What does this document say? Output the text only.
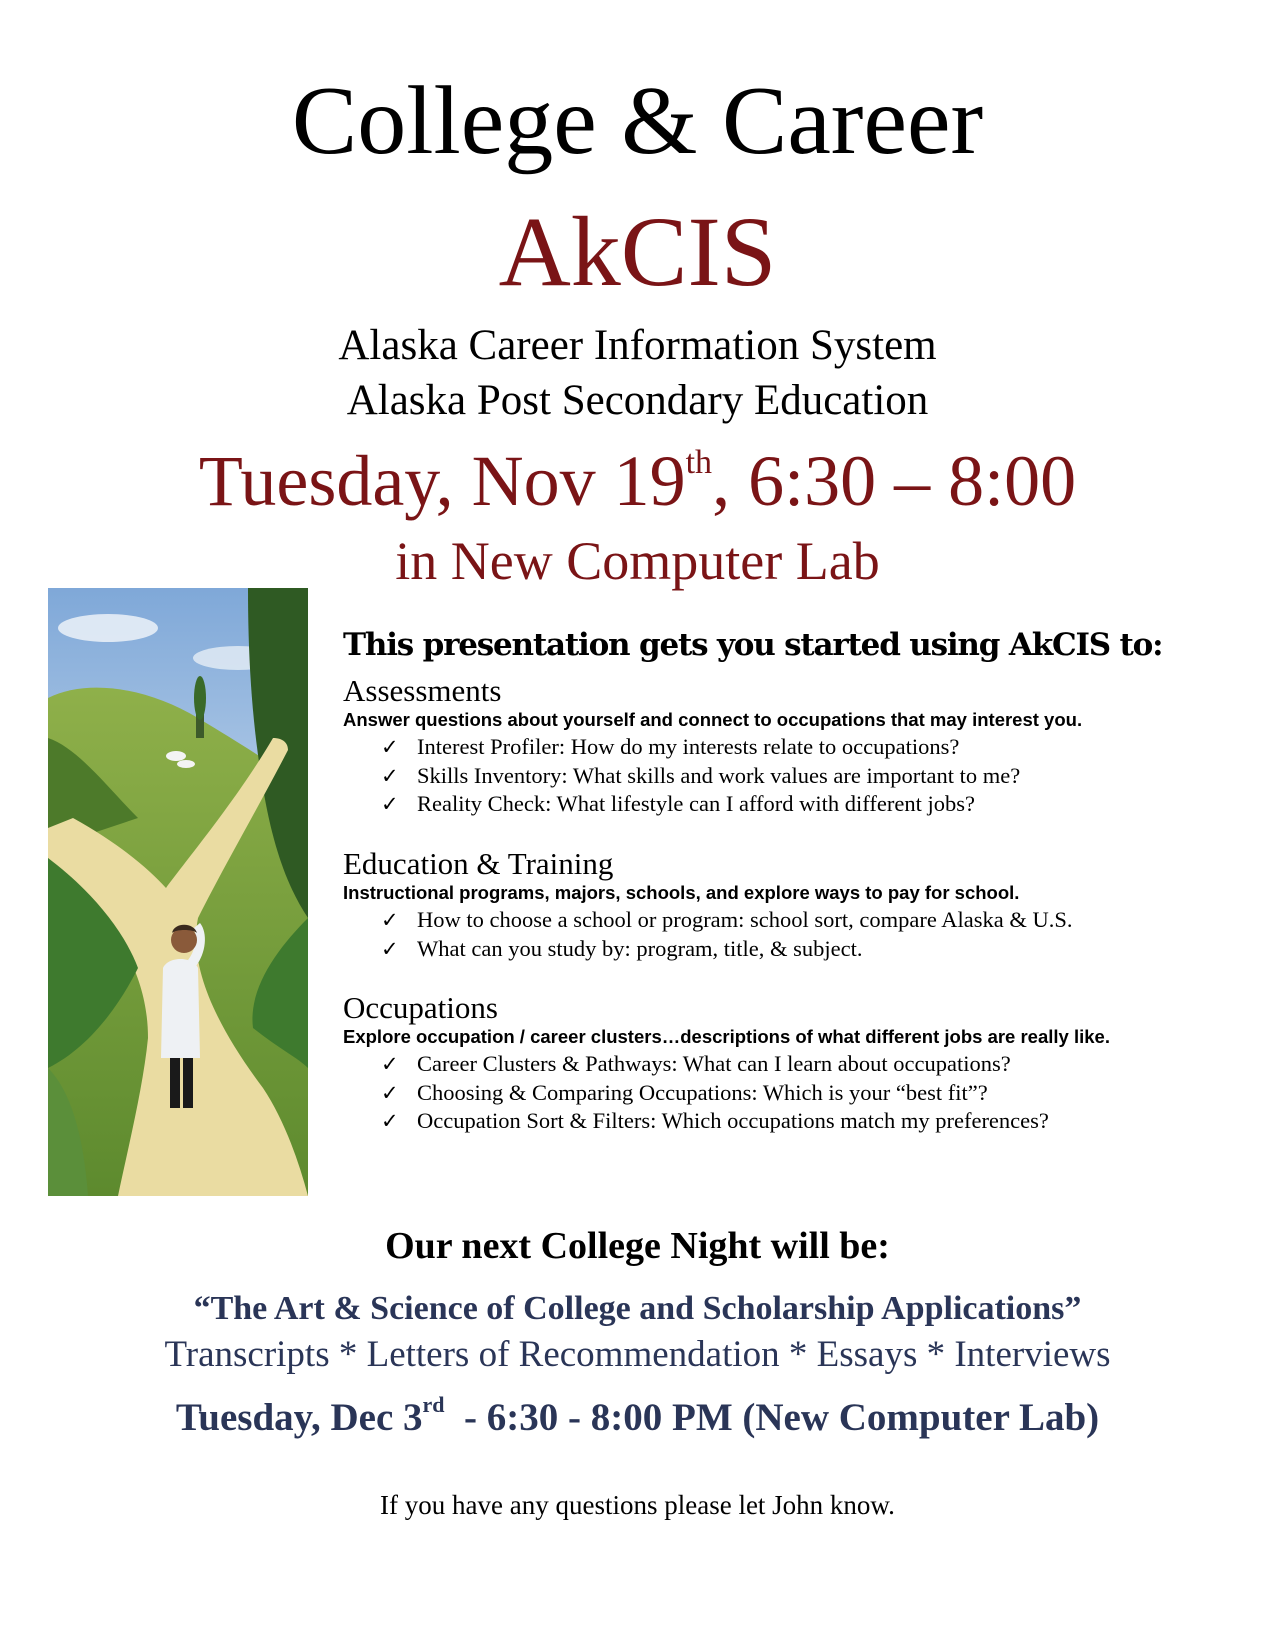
College & Career
AkCIS
Alaska Career Information System
Alaska Post Secondary Education
Tuesday, Nov 19th, 6:30 – 8:00
in New Computer Lab

This presentation gets you started using AkCIS to:

Assessments

Answer questions about yourself and connect to occupations that may interest you.

✓ Interest Profiler: How do my interests relate to occupations?
✓ Skills Inventory: What skills and work values are important to me?
✓ Reality Check: What lifestyle can I afford with different jobs?

Education & Training

Instructional programs, majors, schools, and explore ways to pay for school.

✓ How to choose a school or program: school sort, compare Alaska & U.S.
✓ What can you study by: program, title, & subject.

Occupations

Explore occupation / career clusters…descriptions of what different jobs are really like.

✓ Career Clusters & Pathways: What can I learn about occupations?
✓ Choosing & Comparing Occupations: Which is your “best fit”?
✓ Occupation Sort & Filters: Which occupations match my preferences?
Our next College Night will be:
“The Art & Science of College and Scholarship Applications”
Transcripts * Letters of Recommendation * Essays * Interviews
Tuesday, Dec 3rd  - 6:30 - 8:00 PM (New Computer Lab)
If you have any questions please let John know.
